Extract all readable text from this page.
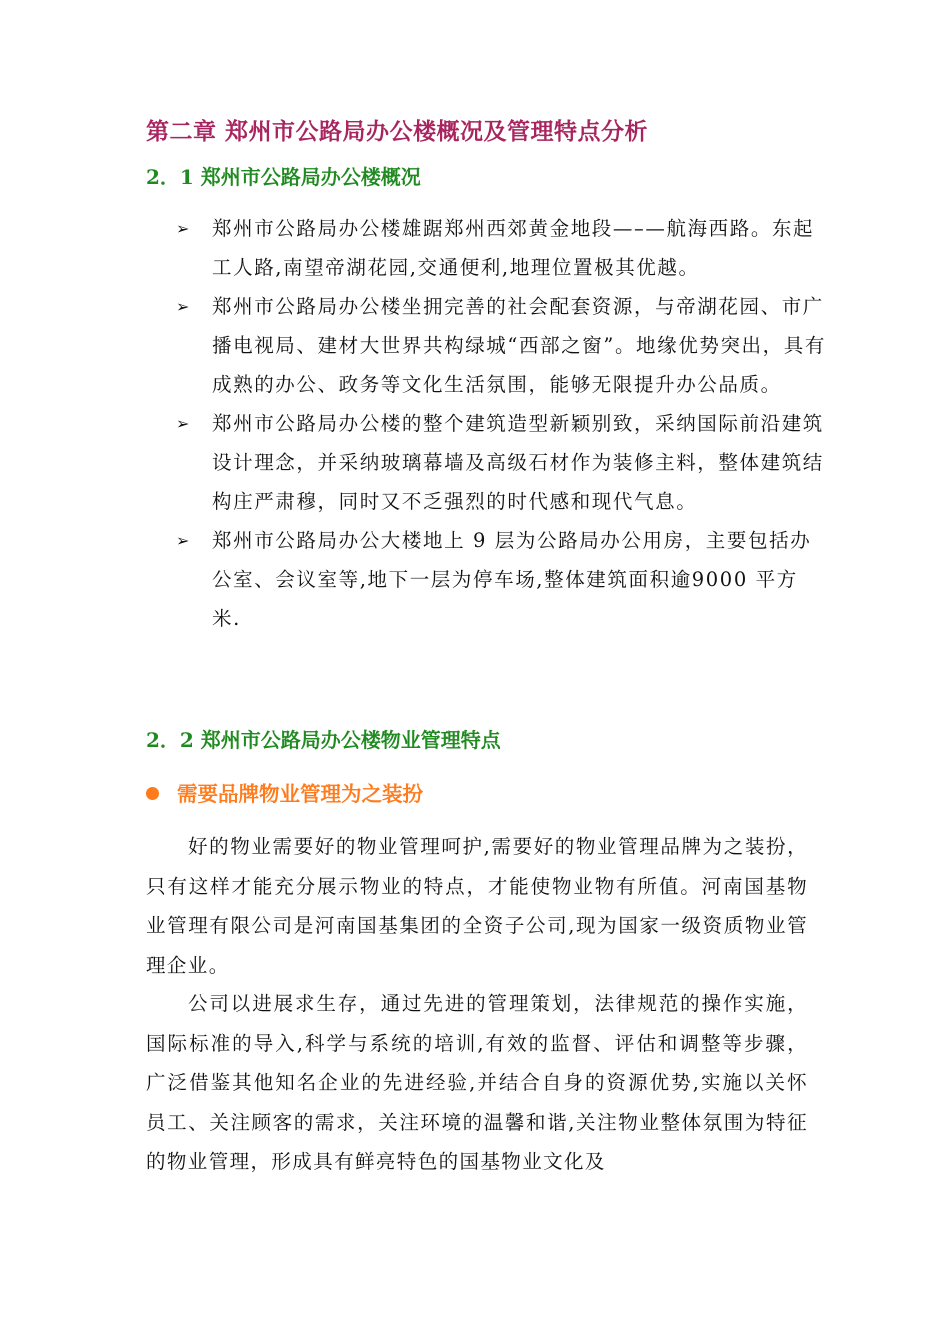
第二章 郑州市公路局办公楼概况及管理特点分析
2．1 郑州市公路局办公楼概况
➢ 郑州市公路局办公楼雄踞郑州西郊黄金地段—–—航海西路。东起工人路,南望帝湖花园,交通便利,地理位置极其优越。
➢ 郑州市公路局办公楼坐拥完善的社会配套资源，与帝湖花园、市广播电视局、建材大世界共构绿城“西部之窗”。地缘优势突出，具有成熟的办公、政务等文化生活氛围，能够无限提升办公品质。
➢ 郑州市公路局办公楼的整个建筑造型新颖别致，采纳国际前沿建筑设计理念，并采纳玻璃幕墙及高级石材作为装修主料，整体建筑结构庄严肃穆，同时又不乏强烈的时代感和现代气息。
➢ 郑州市公路局办公大楼地上 9 层为公路局办公用房，主要包括办公室、会议室等,地下一层为停车场,整体建筑面积逾9000 平方米.
2．2 郑州市公路局办公楼物业管理特点
需要品牌物业管理为之装扮
好的物业需要好的物业管理呵护,需要好的物业管理品牌为之装扮，只有这样才能充分展示物业的特点，才能使物业物有所值。河南国基物业管理有限公司是河南国基集团的全资子公司,现为国家一级资质物业管理企业。
公司以进展求生存，通过先进的管理策划，法律规范的操作实施，国际标准的导入,科学与系统的培训,有效的监督、评估和调整等步骤，广泛借鉴其他知名企业的先进经验,并结合自身的资源优势,实施以关怀员工、关注顾客的需求，关注环境的温馨和谐,关注物业整体氛围为特征的物业管理，形成具有鲜亮特色的国基物业文化及
